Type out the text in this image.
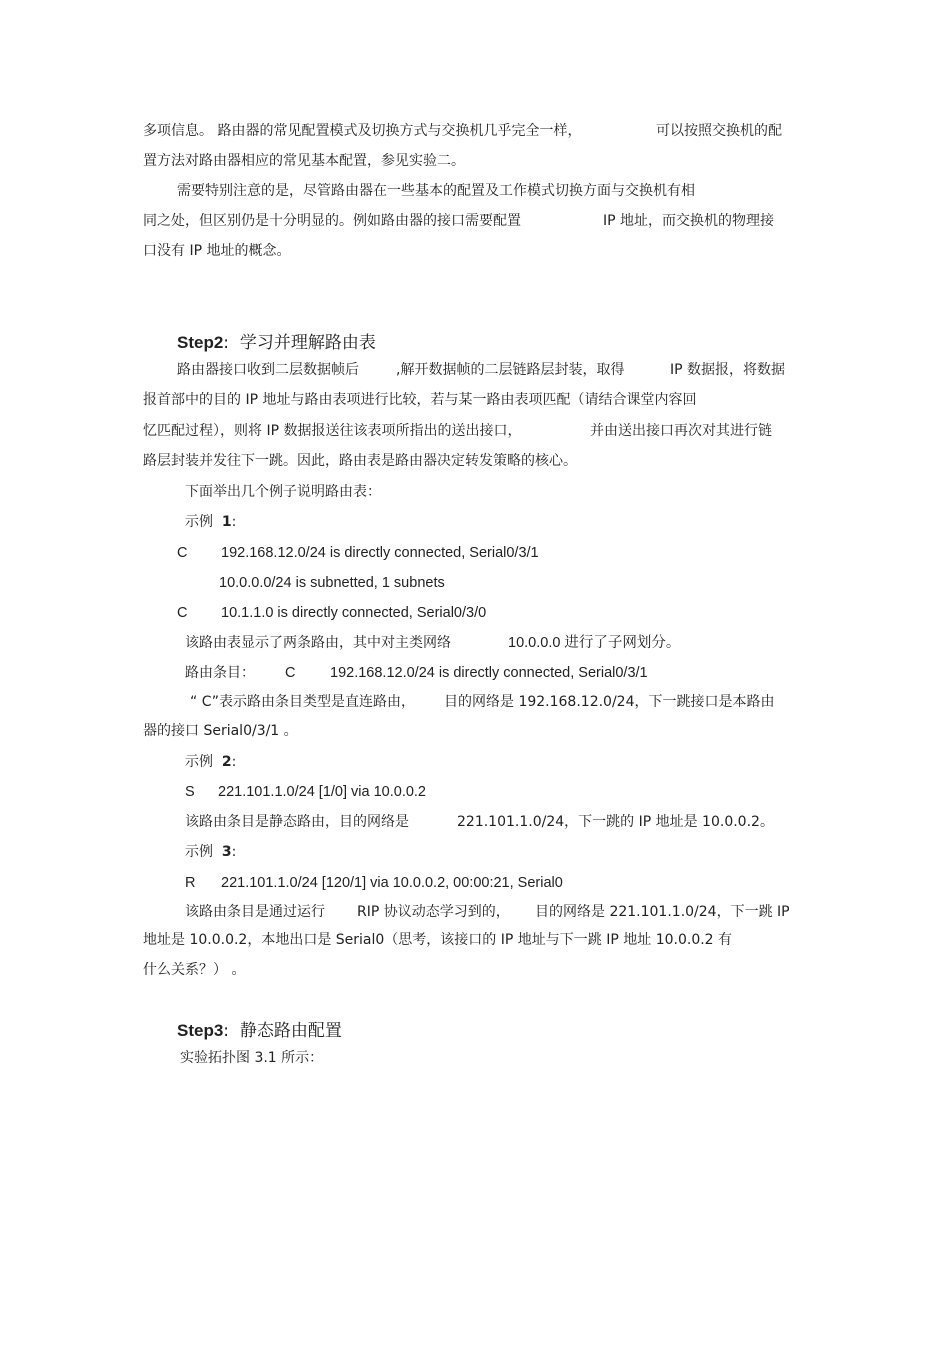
多项信息。 路由器的常见配置模式及切换方式与交换机几乎完全一样，	可以按照交换机的配
置方法对路由器相应的常见基本配置，参见实验二。
需要特别注意的是，尽管路由器在一些基本的配置及工作模式切换方面与交换机有相
同之处，但区别仍是十分明显的。例如路由器的接口需要配置	IP 地址，而交换机的物理接
口没有 IP 地址的概念。
Step2:  学习并理解路由表
路由器接口收到二层数据帧后	,解开数据帧的二层链路层封装，取得	IP 数据报，将数据
报首部中的目的 IP 地址与路由表项进行比较，若与某一路由表项匹配（请结合课堂内容回
忆匹配过程），则将 IP 数据报送往该表项所指出的送出接口，	并由送出接口再次对其进行链
路层封装并发往下一跳。因此，路由表是路由器决定转发策略的核心。
下面举出几个例子说明路由表：
示例 1:
C 192.168.12.0/24 is directly connected, Serial0/3/1
10.0.0.0/24 is subnetted, 1 subnets
C 10.1.1.0 is directly connected, Serial0/3/0
该路由表显示了两条路由，其中对主类网络	10.0.0.0 进行了子网划分。
路由条目： C 192.168.12.0/24 is directly connected, Serial0/3/1
“ C”表示路由条目类型是直连路由， 目的网络是 192.168.12.0/24，下一跳接口是本路由
器的接口 Serial0/3/1 。
示例 2:
S 221.101.1.0/24 [1/0] via 10.0.0.2
该路由条目是静态路由，目的网络是	221.101.1.0/24，下一跳的 IP 地址是 10.0.0.2。
示例 3:
R 221.101.1.0/24 [120/1] via 10.0.0.2, 00:00:21, Serial0
该路由条目是通过运行 RIP 协议动态学习到的， 目的网络是 221.101.1.0/24，下一跳 IP
地址是 10.0.0.2，本地出口是 Serial0（思考，该接口的 IP 地址与下一跳 IP 地址 10.0.0.2 有
什么关系？） 。
Step3:  静态路由配置
实验拓扑图 3.1 所示：
